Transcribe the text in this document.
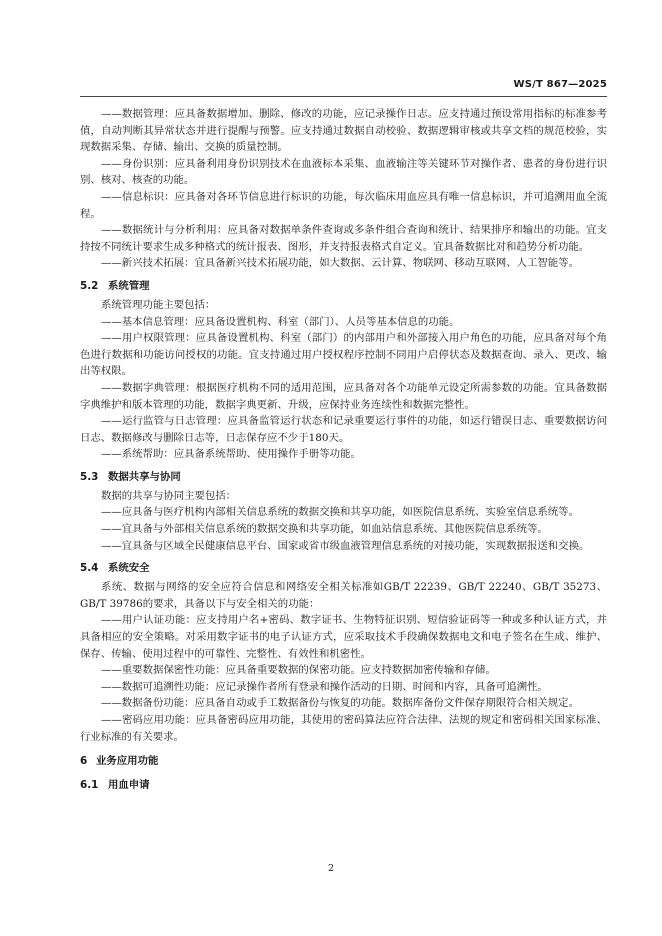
WS/T 867—2025

——数据管理：应具备数据增加、删除、修改的功能，应记录操作日志。应支持通过预设常用指标的标准参考值，自动判断其异常状态并进行提醒与预警。应支持通过数据自动校验、数据逻辑审核或共享文档的规范校验，实现数据采集、存储、输出、交换的质量控制。

——身份识别：应具备利用身份识别技术在血液标本采集、血液输注等关键环节对操作者、患者的身份进行识别、核对、核查的功能。

——信息标识：应具备对各环节信息进行标识的功能，每次临床用血应具有唯一信息标识，并可追溯用血全流程。

——数据统计与分析利用：应具备对数据单条件查询或多条件组合查询和统计、结果排序和输出的功能。宜支持按不同统计要求生成多种格式的统计报表、图形，并支持报表格式自定义。宜具备数据比对和趋势分析功能。

——新兴技术拓展：宜具备新兴技术拓展功能，如大数据、云计算、物联网、移动互联网、人工智能等。

5.2 系统管理

系统管理功能主要包括：

——基本信息管理：应具备设置机构、科室（部门）、人员等基本信息的功能。

——用户权限管理：应具备设置机构、科室（部门）的内部用户和外部接入用户角色的功能，应具备对每个角色进行数据和功能访问授权的功能。宜支持通过用户授权程序控制不同用户启停状态及数据查询、录入、更改、输出等权限。

——数据字典管理：根据医疗机构不同的适用范围，应具备对各个功能单元设定所需参数的功能。宜具备数据字典维护和版本管理的功能，数据字典更新、升级，应保持业务连续性和数据完整性。

——运行监管与日志管理：应具备监管运行状态和记录重要运行事件的功能，如运行错误日志、重要数据访问日志、数据修改与删除日志等，日志保存应不少于180天。

——系统帮助：应具备系统帮助、使用操作手册等功能。

5.3 数据共享与协同

数据的共享与协同主要包括：

——应具备与医疗机构内部相关信息系统的数据交换和共享功能，如医院信息系统、实验室信息系统等。

——宜具备与外部相关信息系统的数据交换和共享功能，如血站信息系统、其他医院信息系统等。

——宜具备与区域全民健康信息平台、国家或省市级血液管理信息系统的对接功能，实现数据报送和交换。

5.4 系统安全

系统、数据与网络的安全应符合信息和网络安全相关标准如GB/T 22239、GB/T 22240、GB/T 35273、GB/T 39786的要求，具备以下与安全相关的功能：

——用户认证功能：应支持用户名+密码、数字证书、生物特征识别、短信验证码等一种或多种认证方式，并具备相应的安全策略。对采用数字证书的电子认证方式，应采取技术手段确保数据电文和电子签名在生成、维护、保存、传输、使用过程中的可靠性、完整性、有效性和机密性。

——重要数据保密性功能：应具备重要数据的保密功能。应支持数据加密传输和存储。

——数据可追溯性功能：应记录操作者所有登录和操作活动的日期、时间和内容，具备可追溯性。

——数据备份功能：应具备自动或手工数据备份与恢复的功能。数据库备份文件保存期限符合相关规定。

——密码应用功能：应具备密码应用功能，其使用的密码算法应符合法律、法规的规定和密码相关国家标准、行业标准的有关要求。

6 业务应用功能
6.1 用血申请
2
